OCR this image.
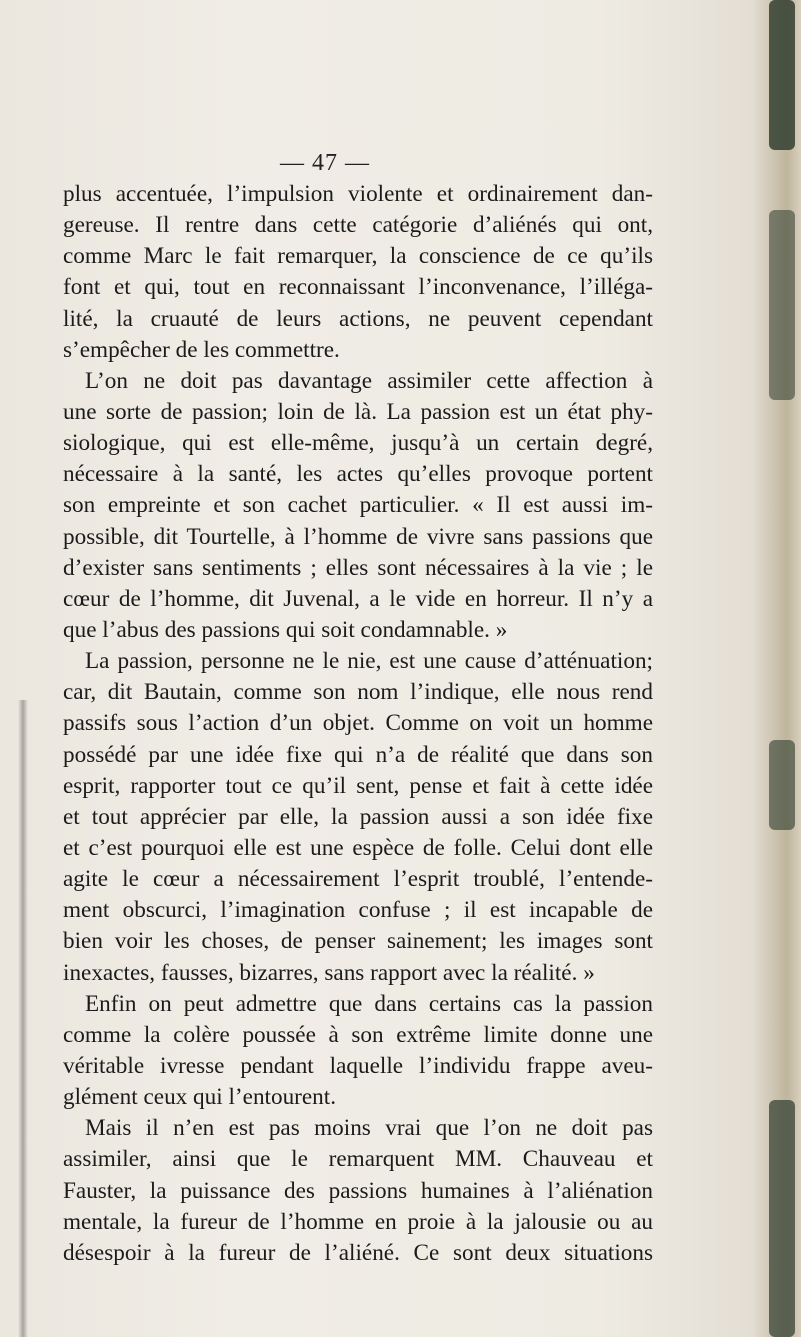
— 47 —
plus accentuée, l’impulsion violente et ordinairement dan-
gereuse. Il rentre dans cette catégorie d’aliénés qui ont,
comme Marc le fait remarquer, la conscience de ce qu’ils
font et qui, tout en reconnaissant l’inconvenance, l’illéga-
lité, la cruauté de leurs actions, ne peuvent cependant
s’empêcher de les commettre.
L’on ne doit pas davantage assimiler cette affection à
une sorte de passion; loin de là. La passion est un état phy-
siologique, qui est elle-même, jusqu’à un certain degré,
nécessaire à la santé, les actes qu’elles provoque portent
son empreinte et son cachet particulier. « Il est aussi im-
possible, dit Tourtelle, à l’homme de vivre sans passions que
d’exister sans sentiments ; elles sont nécessaires à la vie ; le
cœur de l’homme, dit Juvenal, a le vide en horreur. Il n’y a
que l’abus des passions qui soit condamnable. »
La passion, personne ne le nie, est une cause d’atténuation;
car, dit Bautain, comme son nom l’indique, elle nous rend
passifs sous l’action d’un objet. Comme on voit un homme
possédé par une idée fixe qui n’a de réalité que dans son
esprit, rapporter tout ce qu’il sent, pense et fait à cette idée
et tout apprécier par elle, la passion aussi a son idée fixe
et c’est pourquoi elle est une espèce de folle. Celui dont elle
agite le cœur a nécessairement l’esprit troublé, l’entende-
ment obscurci, l’imagination confuse ; il est incapable de
bien voir les choses, de penser sainement; les images sont
inexactes, fausses, bizarres, sans rapport avec la réalité. »
Enfin on peut admettre que dans certains cas la passion
comme la colère poussée à son extrême limite donne une
véritable ivresse pendant laquelle l’individu frappe aveu-
glément ceux qui l’entourent.
Mais il n’en est pas moins vrai que l’on ne doit pas
assimiler, ainsi que le remarquent MM. Chauveau et
Fauster, la puissance des passions humaines à l’aliénation
mentale, la fureur de l’homme en proie à la jalousie ou au
désespoir à la fureur de l’aliéné. Ce sont deux situations
